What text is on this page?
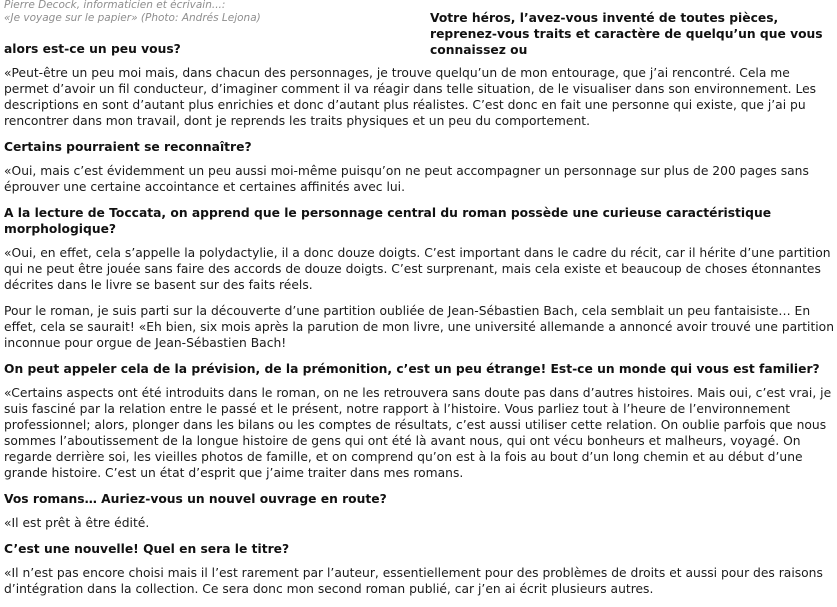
Pierre Decock, informaticien et écrivain...:
«Je voyage sur le papier» (Photo: Andrés Lejona)	Votre héros, l’avez-vous inventé de toutes pièces, reprenez-vous traits et caractère de quelqu’un que vous connaissez ou

alors est-ce un peu vous?

«Peut-être un peu moi mais, dans chacun des personnages, je trouve quelqu’un de mon entourage, que j’ai rencontré. Cela me permet d’avoir un fil conducteur, d’imaginer comment il va réagir dans telle situation, de le visualiser dans son environnement. Les descriptions en sont d’autant plus enrichies et donc d’autant plus réalistes. C’est donc en fait une personne qui existe, que j’ai pu rencontrer dans mon travail, dont je reprends les traits physiques et un peu du comportement.

Certains pourraient se reconnaître?

«Oui, mais c’est évidemment un peu aussi moi-même puisqu’on ne peut accompagner un personnage sur plus de 200 pages sans éprouver une certaine accointance et certaines affinités avec lui.

A la lecture de Toccata, on apprend que le personnage central du roman possède une curieuse caractéristique morphologique?

«Oui, en effet, cela s’appelle la polydactylie, il a donc douze doigts. C’est important dans le cadre du récit, car il hérite d’une partition qui ne peut être jouée sans faire des accords de douze doigts. C’est surprenant, mais cela existe et beaucoup de choses étonnantes décrites dans le livre se basent sur des faits réels.

Pour le roman, je suis parti sur la découverte d’une partition oubliée de Jean-Sébastien Bach, cela semblait un peu fantaisiste… En effet, cela se saurait! «Eh bien, six mois après la parution de mon livre, une université allemande a annoncé avoir trouvé une partition inconnue pour orgue de Jean-Sébastien Bach!

On peut appeler cela de la prévision, de la prémonition, c’est un peu étrange! Est-ce un monde qui vous est familier?

«Certains aspects ont été introduits dans le roman, on ne les retrouvera sans doute pas dans d’autres histoires. Mais oui, c’est vrai, je suis fasciné par la relation entre le passé et le présent, notre rapport à l’histoire. Vous parliez tout à l’heure de l’environnement professionnel; alors, plonger dans les bilans ou les comptes de résultats, c’est aussi utiliser cette relation. On oublie parfois que nous sommes l’aboutissement de la longue histoire de gens qui ont été là avant nous, qui ont vécu bonheurs et malheurs, voyagé. On regarde derrière soi, les vieilles photos de famille, et on comprend qu’on est à la fois au bout d’un long chemin et au début d’une grande histoire. C’est un état d’esprit que j’aime traiter dans mes romans.

Vos romans… Auriez-vous un nouvel ouvrage en route?

«Il est prêt à être édité.

C’est une nouvelle! Quel en sera le titre?

«Il n’est pas encore choisi mais il l’est rarement par l’auteur, essentiellement pour des problèmes de droits et aussi pour des raisons d’intégration dans la collection. Ce sera donc mon second roman publié, car j’en ai écrit plusieurs autres.
